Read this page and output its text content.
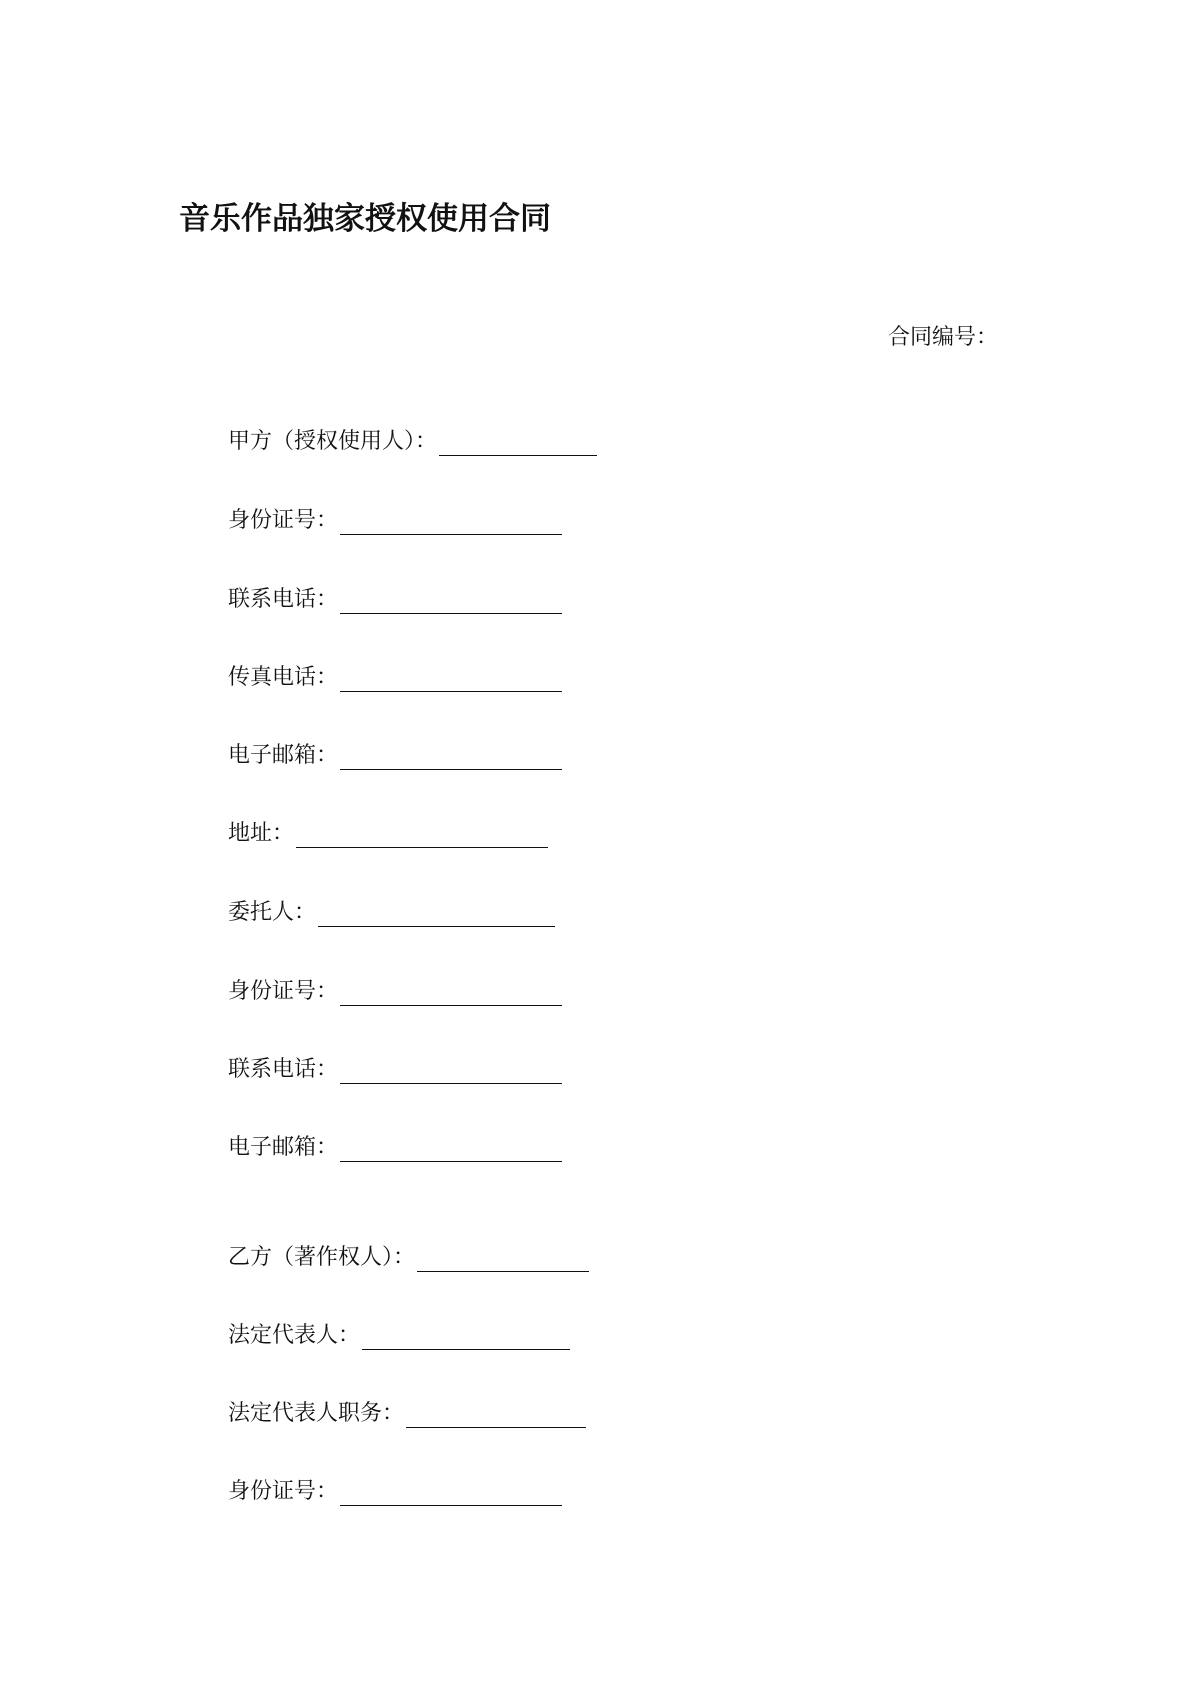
音乐作品独家授权使用合同
合同编号：
甲方（授权使用人）：
身份证号：
联系电话：
传真电话：
电子邮箱：
地址：
委托人：
身份证号：
联系电话：
电子邮箱：
乙方（著作权人）：
法定代表人：
法定代表人职务：
身份证号：
